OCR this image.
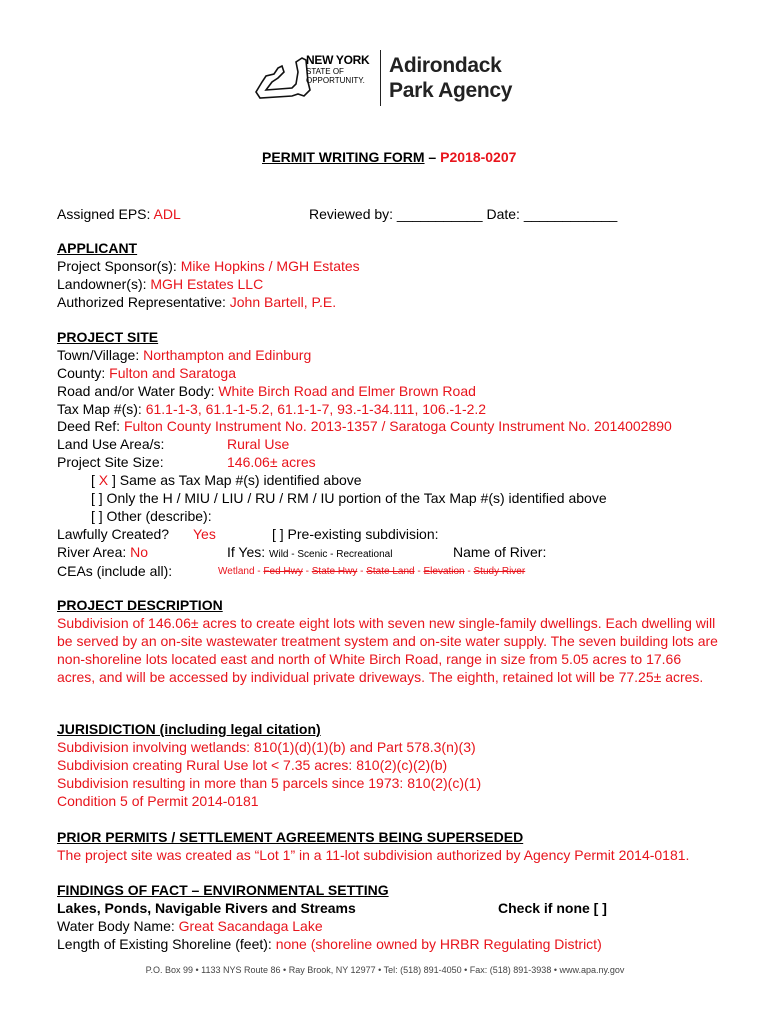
NEW YORK
STATE OF
OPPORTUNITY.
Adirondack
Park Agency
PERMIT WRITING FORM – P2018-0207
Assigned EPS: ADL	Reviewed by: ___________ Date: ____________
APPLICANT
Project Sponsor(s): Mike Hopkins / MGH Estates
Landowner(s): MGH Estates LLC
Authorized Representative: John Bartell, P.E.
PROJECT SITE
Town/Village: Northampton and Edinburg
County: Fulton and Saratoga
Road and/or Water Body: White Birch Road and Elmer Brown Road
Tax Map #(s): 61.1-1-3, 61.1-1-5.2, 61.1-1-7, 93.-1-34.111, 106.-1-2.2
Deed Ref: Fulton County Instrument No. 2013-1357 / Saratoga County Instrument No. 2014002890
Land Use Area/s:	Rural Use
Project Site Size:	146.06± acres
[ X ] Same as Tax Map #(s) identified above
[ ] Only the H / MIU / LIU / RU / RM / IU portion of the Tax Map #(s) identified above
[ ] Other (describe):
Lawfully Created? Yes	[ ] Pre-existing subdivision:
River Area: No	If Yes: Wild - Scenic - Recreational	Name of River:
CEAs (include all):	Wetland - Fed Hwy - State Hwy - State Land - Elevation - Study River
PROJECT DESCRIPTION
Subdivision of 146.06± acres to create eight lots with seven new single-family dwellings. Each dwelling will be served by an on-site wastewater treatment system and on-site water supply. The seven building lots are non-shoreline lots located east and north of White Birch Road, range in size from 5.05 acres to 17.66 acres, and will be accessed by individual private driveways. The eighth, retained lot will be 77.25± acres.
JURISDICTION (including legal citation)
Subdivision involving wetlands: 810(1)(d)(1)(b) and Part 578.3(n)(3)
Subdivision creating Rural Use lot < 7.35 acres: 810(2)(c)(2)(b)
Subdivision resulting in more than 5 parcels since 1973: 810(2)(c)(1)
Condition 5 of Permit 2014-0181
PRIOR PERMITS / SETTLEMENT AGREEMENTS BEING SUPERSEDED
The project site was created as “Lot 1” in a 11-lot subdivision authorized by Agency Permit 2014-0181.
FINDINGS OF FACT – ENVIRONMENTAL SETTING
Lakes, Ponds, Navigable Rivers and Streams	Check if none [ ]
Water Body Name: Great Sacandaga Lake
Length of Existing Shoreline (feet): none (shoreline owned by HRBR Regulating District)
P.O. Box 99 • 1133 NYS Route 86 • Ray Brook, NY 12977 • Tel: (518) 891-4050 • Fax: (518) 891-3938 • www.apa.ny.gov
